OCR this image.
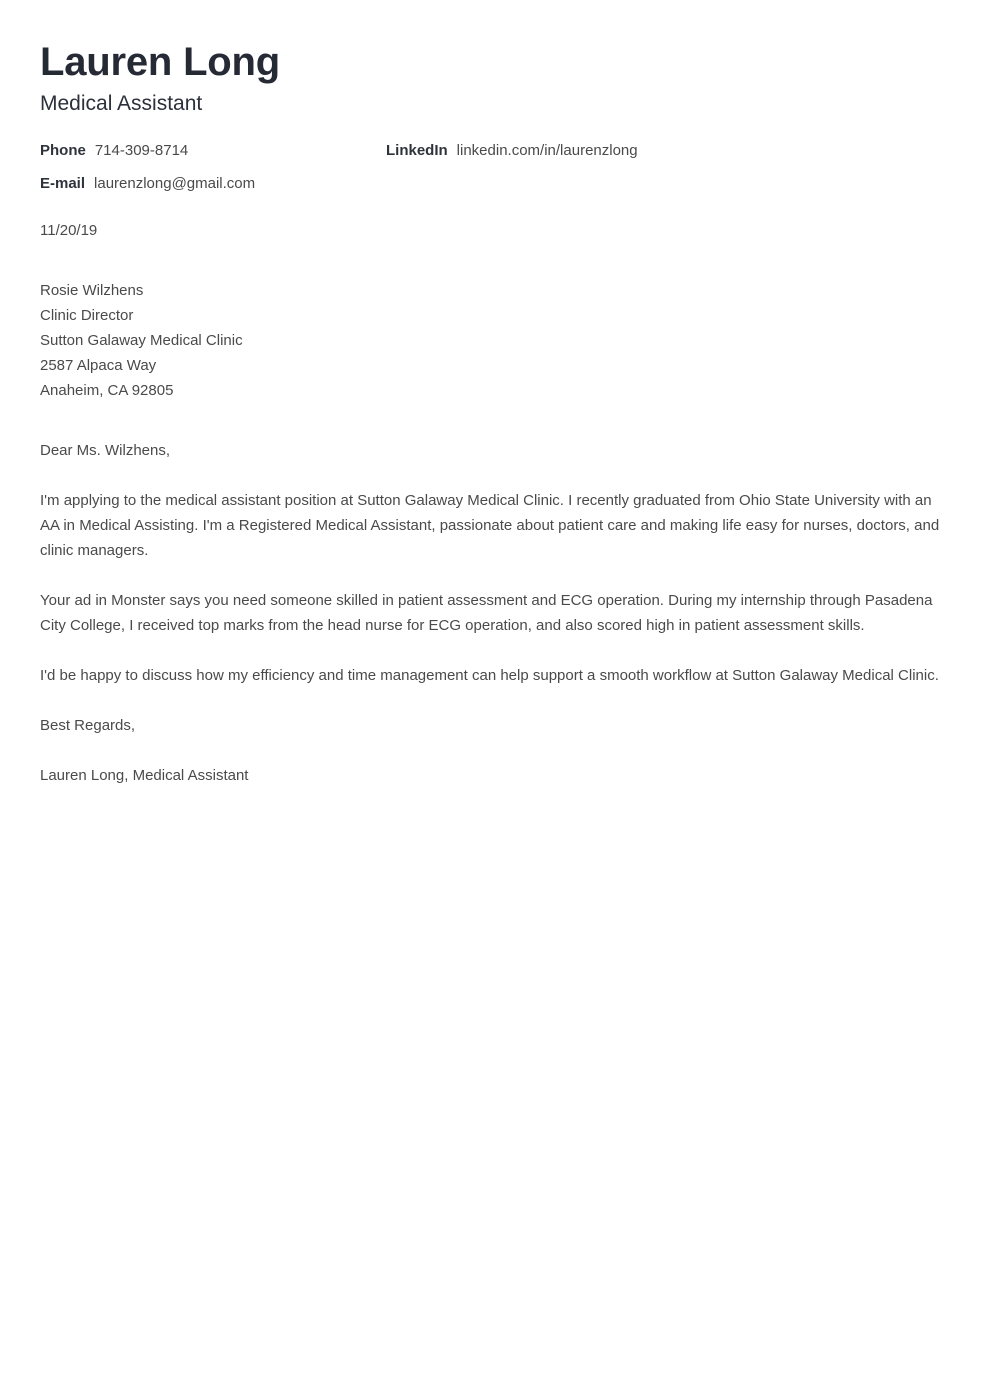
Lauren Long
Medical Assistant
Phone 714-309-8714	LinkedIn linkedin.com/in/laurenzlong
E-mail laurenzlong@gmail.com
11/20/19
Rosie Wilzhens
Clinic Director
Sutton Galaway Medical Clinic
2587 Alpaca Way
Anaheim, CA 92805

Dear Ms. Wilzhens,

I'm applying to the medical assistant position at Sutton Galaway Medical Clinic. I recently graduated from Ohio State University with an AA in Medical Assisting. I'm a Registered Medical Assistant, passionate about patient care and making life easy for nurses, doctors, and clinic managers.

Your ad in Monster says you need someone skilled in patient assessment and ECG operation. During my internship through Pasadena City College, I received top marks from the head nurse for ECG operation, and also scored high in patient assessment skills.

I'd be happy to discuss how my efficiency and time management can help support a smooth workflow at Sutton Galaway Medical Clinic.

Best Regards,

Lauren Long, Medical Assistant
